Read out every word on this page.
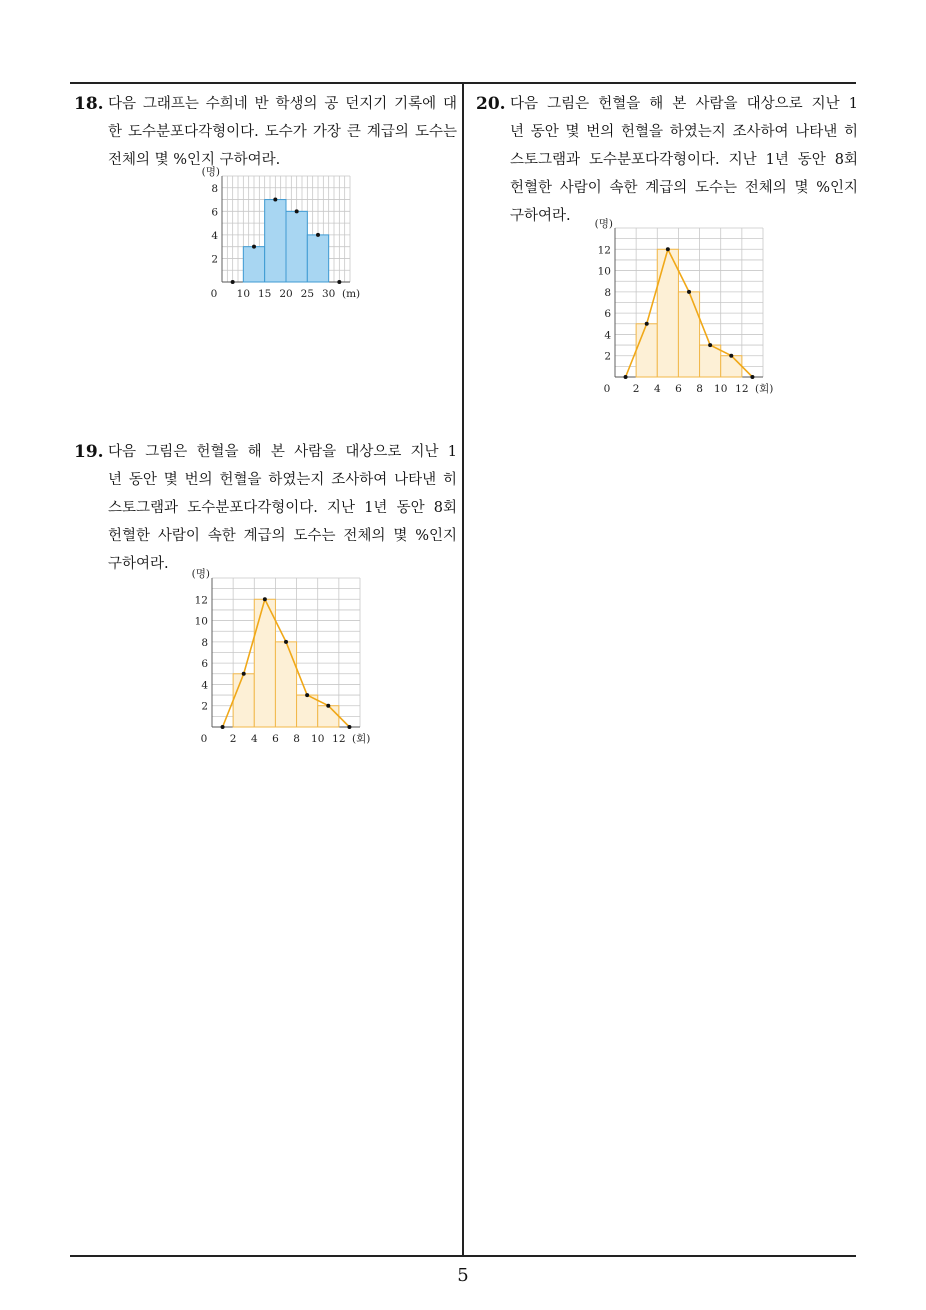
18. 다음 그래프는 수희네 반 학생의 공 던지기 기록에 대
한 도수분포다각형이다. 도수가 가장 큰 계급의 도수는
전체의 몇 %인지 구하여라.
10 15 20 25 30
2
4
6
8
0	(m)
(명)
19. 다음 그림은 헌혈을 해 본 사람을 대상으로 지난 1
년 동안 몇 번의 헌혈을 하였는지 조사하여 나타낸 히
스토그램과 도수분포다각형이다. 지난 1년 동안 8회
헌혈한 사람이 속한 계급의 도수는 전체의 몇 %인지
구하여라.
2 4 6 8 10 12
2
4
6
8
10
12
0	(회)
(명)
20. 다음 그림은 헌혈을 해 본 사람을 대상으로 지난 1
년 동안 몇 번의 헌혈을 하였는지 조사하여 나타낸 히
스토그램과 도수분포다각형이다. 지난 1년 동안 8회
헌혈한 사람이 속한 계급의 도수는 전체의 몇 %인지
구하여라.
2 4 6 8 10 12
2
4
6
8
10
12
0	(회)
(명)
5
